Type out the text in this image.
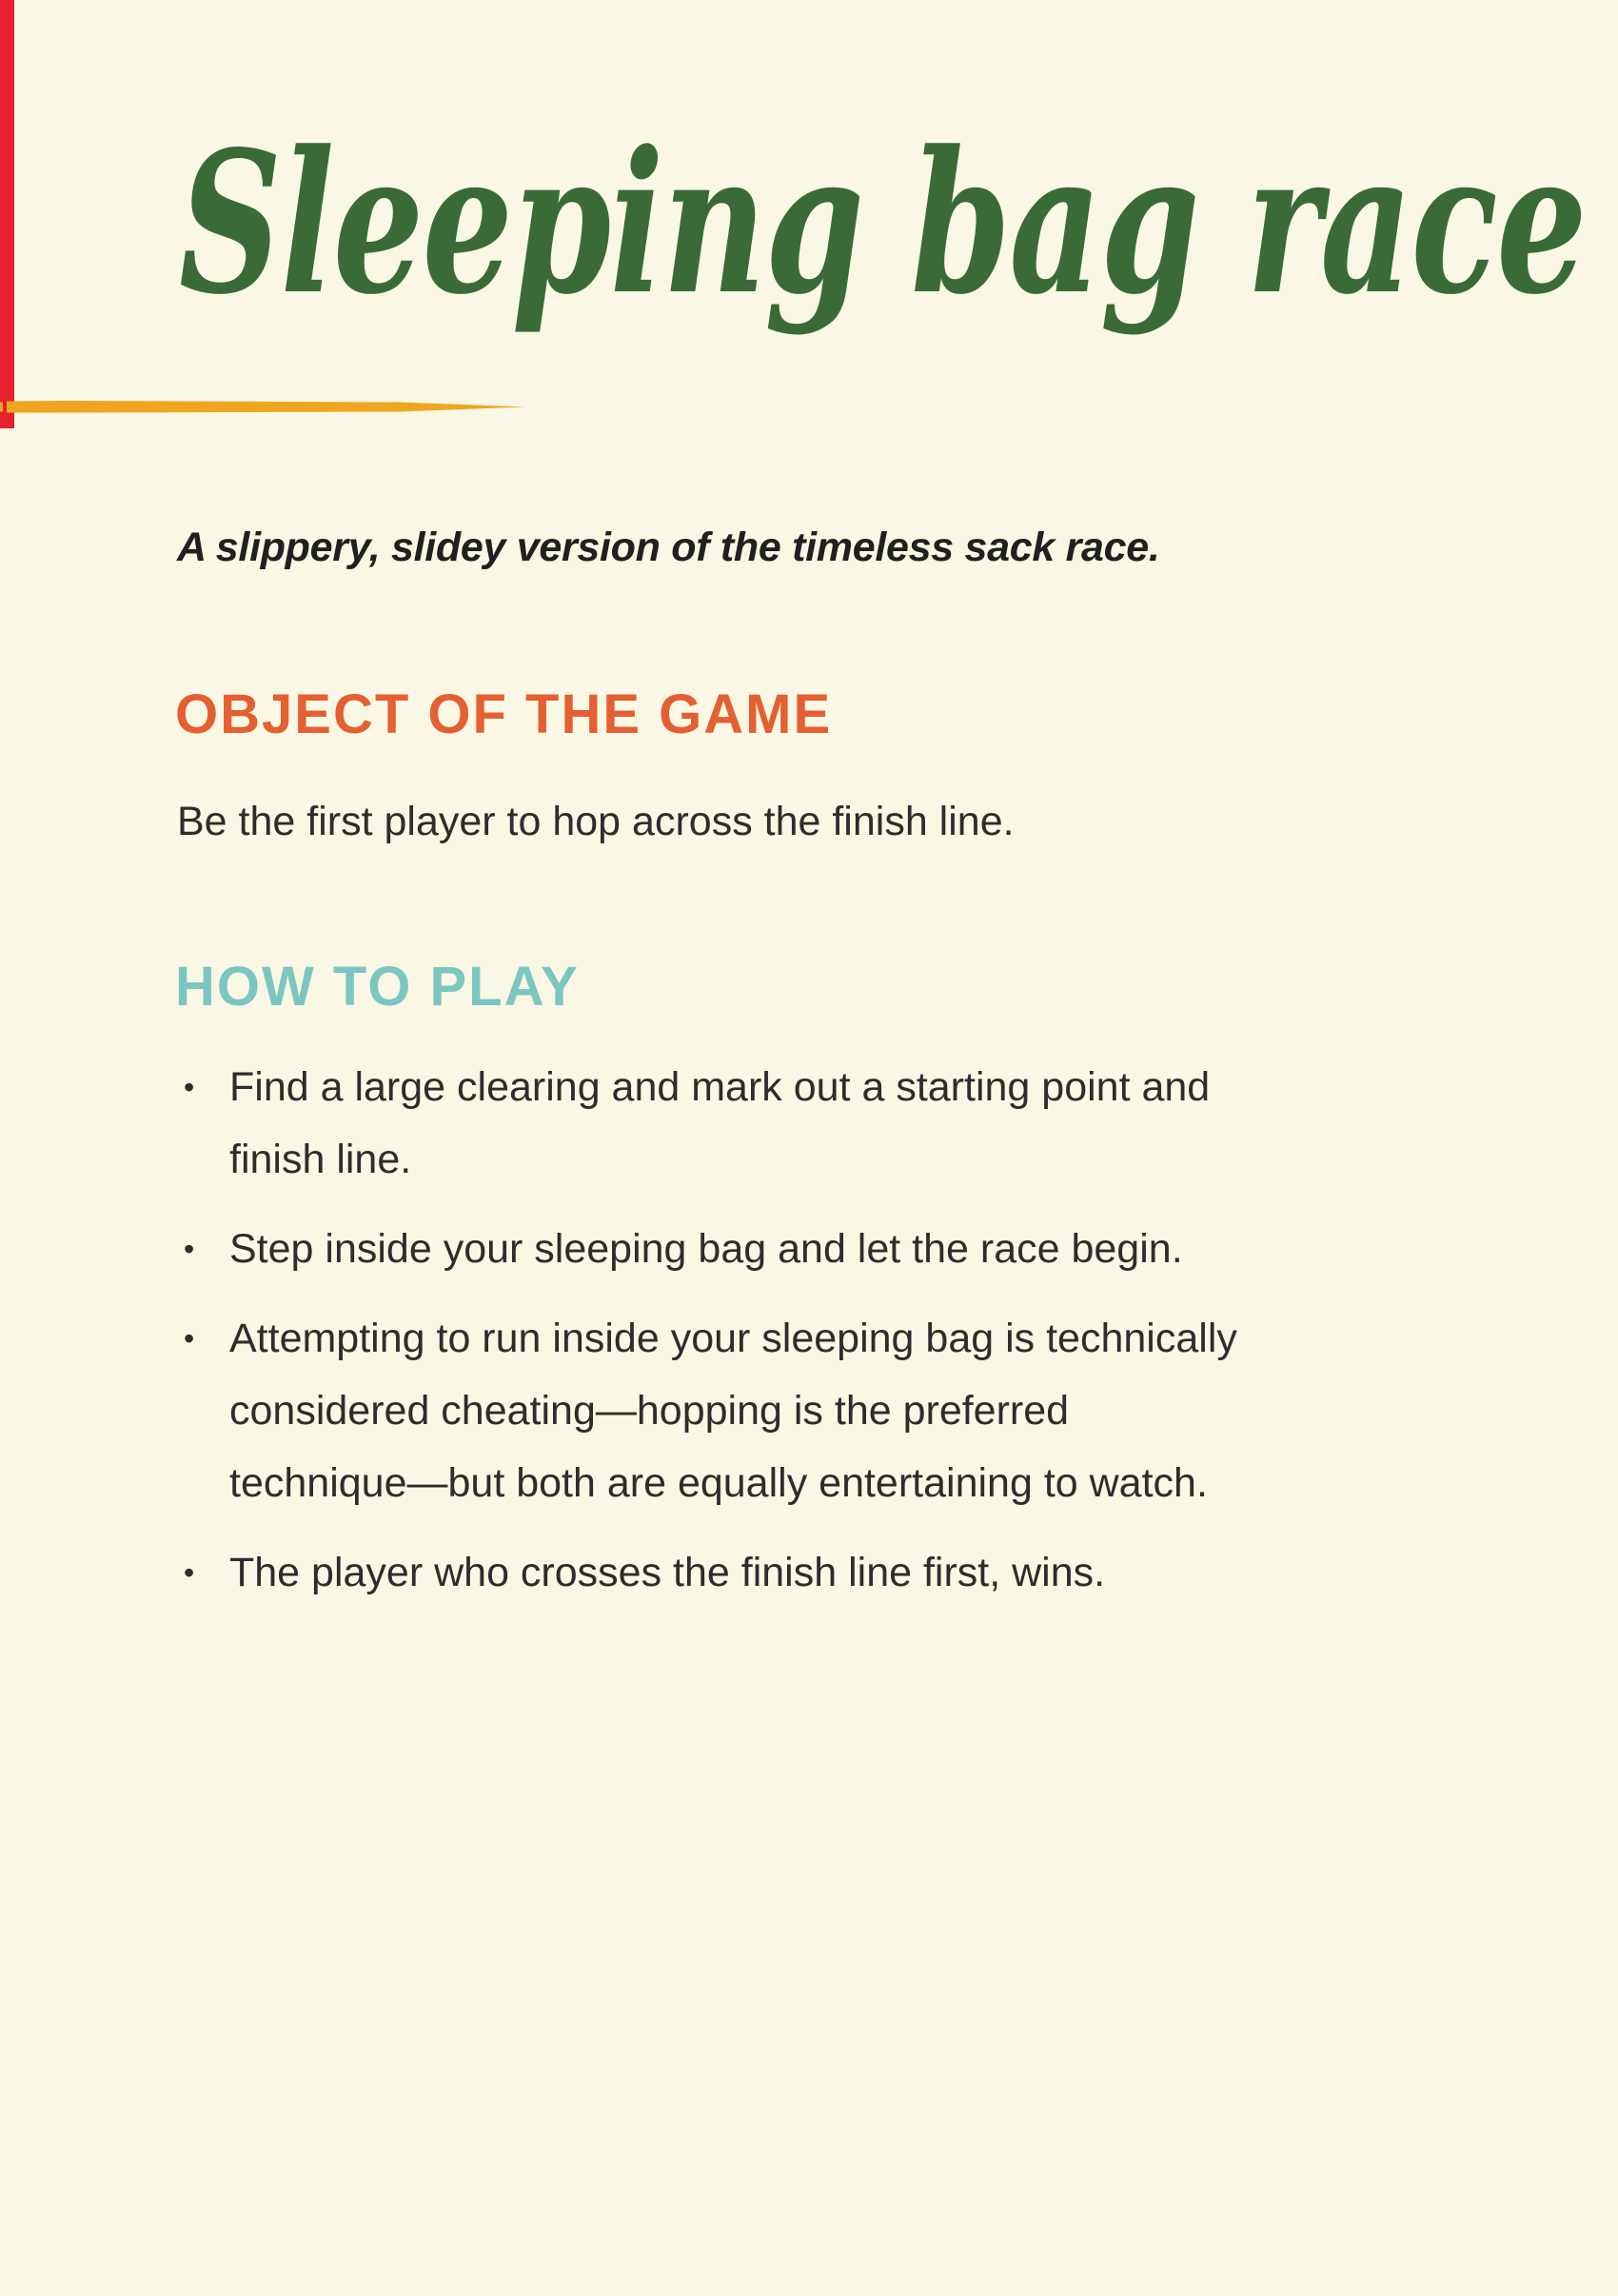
Sleeping bag race

A slippery, slidey version of the timeless sack race.

OBJECT OF THE GAME

Be the first player to hop across the finish line.

HOW TO PLAY
• Find a large clearing and mark out a starting point and
finish line.
• Step inside your sleeping bag and let the race begin.
• Attempting to run inside your sleeping bag is technically
considered cheating—hopping is the preferred
technique—but both are equally entertaining to watch.
• The player who crosses the finish line first, wins.
